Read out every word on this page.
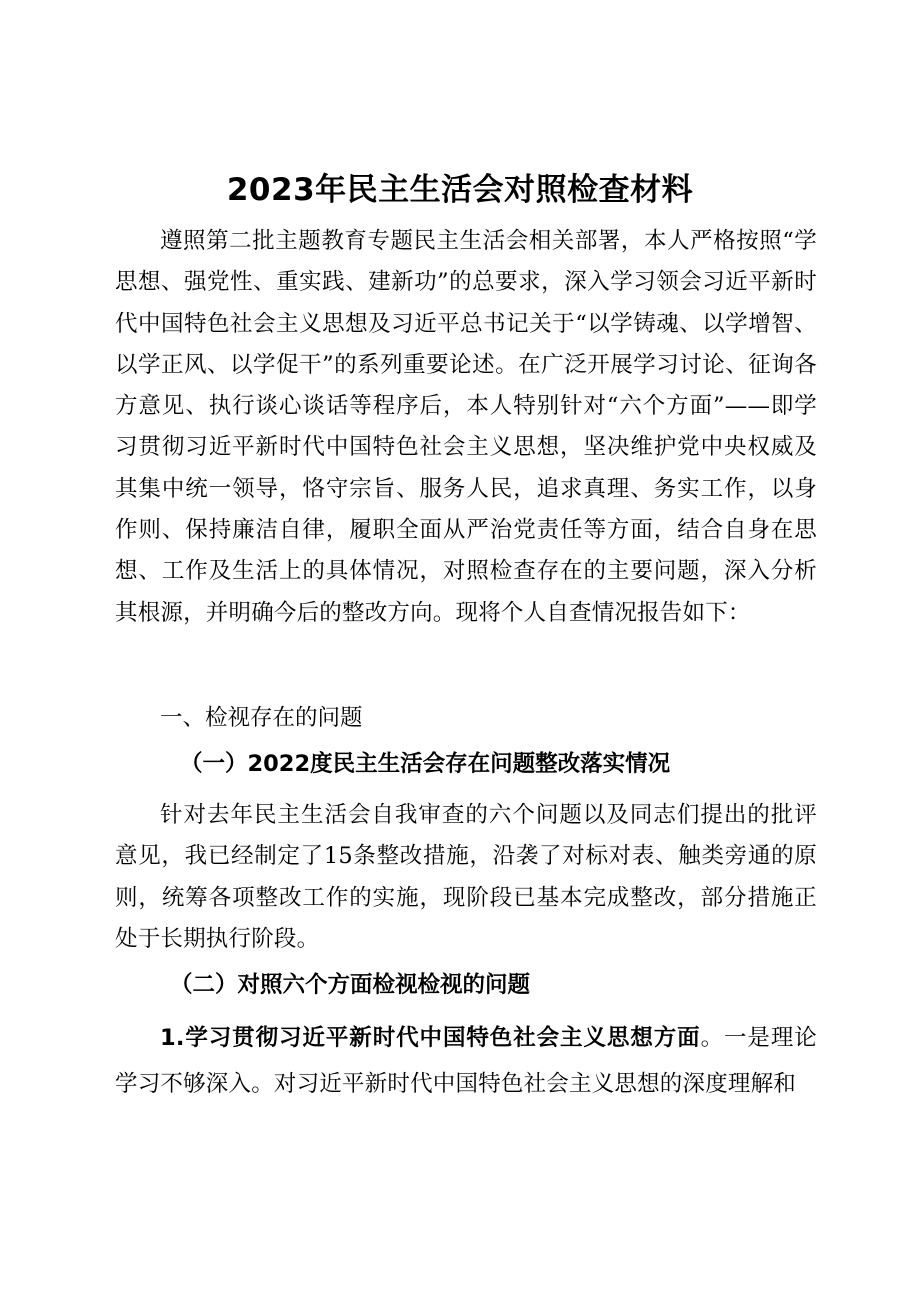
2023年民主生活会对照检查材料

遵照第二批主题教育专题民主生活会相关部署，本人严格按照“学思想、强党性、重实践、建新功”的总要求，深入学习领会习近平新时代中国特色社会主义思想及习近平总书记关于“以学铸魂、以学增智、以学正风、以学促干”的系列重要论述。在广泛开展学习讨论、征询各方意见、执行谈心谈话等程序后，本人特别针对“六个方面”——即学习贯彻习近平新时代中国特色社会主义思想，坚决维护党中央权威及其集中统一领导，恪守宗旨、服务人民，追求真理、务实工作，以身作则、保持廉洁自律，履职全面从严治党责任等方面，结合自身在思想、工作及生活上的具体情况，对照检查存在的主要问题，深入分析其根源，并明确今后的整改方向。现将个人自查情况报告如下：

一、检视存在的问题

（一）2022度民主生活会存在问题整改落实情况

针对去年民主生活会自我审查的六个问题以及同志们提出的批评意见，我已经制定了15条整改措施，沿袭了对标对表、触类旁通的原则，统筹各项整改工作的实施，现阶段已基本完成整改，部分措施正处于长期执行阶段。

（二）对照六个方面检视检视的问题

1.学习贯彻习近平新时代中国特色社会主义思想方面。一是理论学习不够深入。对习近平新时代中国特色社会主义思想的深度理解和
